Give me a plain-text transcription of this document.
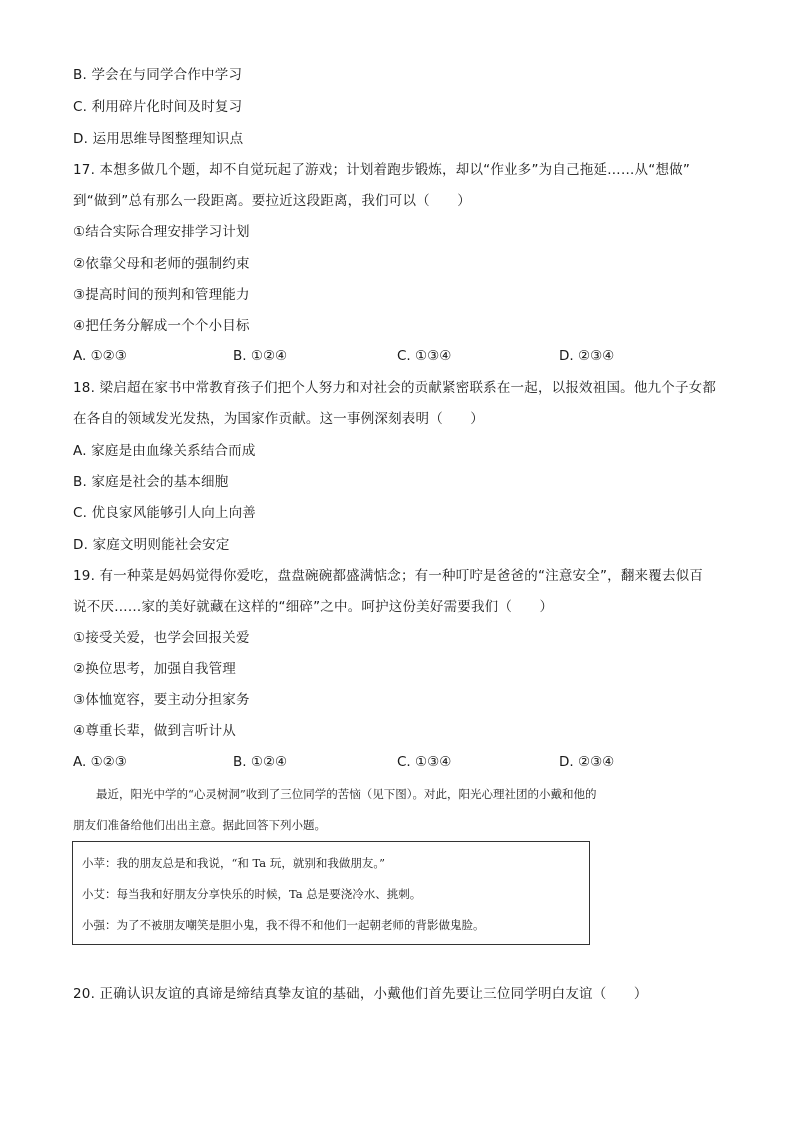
B. 学会在与同学合作中学习
C. 利用碎片化时间及时复习
D. 运用思维导图整理知识点
17. 本想多做几个题，却不自觉玩起了游戏；计划着跑步锻炼，却以“作业多”为自己拖延……从“想做”
到“做到”总有那么一段距离。要拉近这段距离，我们可以（　　）
①结合实际合理安排学习计划
②依靠父母和老师的强制约束
③提高时间的预判和管理能力
④把任务分解成一个个小目标
A. ①②③	B. ①②④	C. ①③④	D. ②③④
18. 梁启超在家书中常教育孩子们把个人努力和对社会的贡献紧密联系在一起，以报效祖国。他九个子女都
在各自的领域发光发热，为国家作贡献。这一事例深刻表明（　　）
A. 家庭是由血缘关系结合而成
B. 家庭是社会的基本细胞
C. 优良家风能够引人向上向善
D. 家庭文明则能社会安定
19. 有一种菜是妈妈觉得你爱吃，盘盘碗碗都盛满惦念；有一种叮咛是爸爸的“注意安全”，翻来覆去似百
说不厌……家的美好就藏在这样的“细碎”之中。呵护这份美好需要我们（　　）
①接受关爱，也学会回报关爱
②换位思考，加强自我管理
③体恤宽容，要主动分担家务
④尊重长辈，做到言听计从
A. ①②③	B. ①②④	C. ①③④	D. ②③④
　　最近，阳光中学的“心灵树洞”收到了三位同学的苦恼（见下图）。对此，阳光心理社团的小戴和他的
朋友们准备给他们出出主意。据此回答下列小题。
小苹：我的朋友总是和我说，“和 Ta 玩，就别和我做朋友。”
小艾：每当我和好朋友分享快乐的时候，Ta 总是要浇冷水、挑刺。
小强：为了不被朋友嘲笑是胆小鬼，我不得不和他们一起朝老师的背影做鬼脸。
20. 正确认识友谊的真谛是缔结真挚友谊的基础，小戴他们首先要让三位同学明白友谊（　　）
